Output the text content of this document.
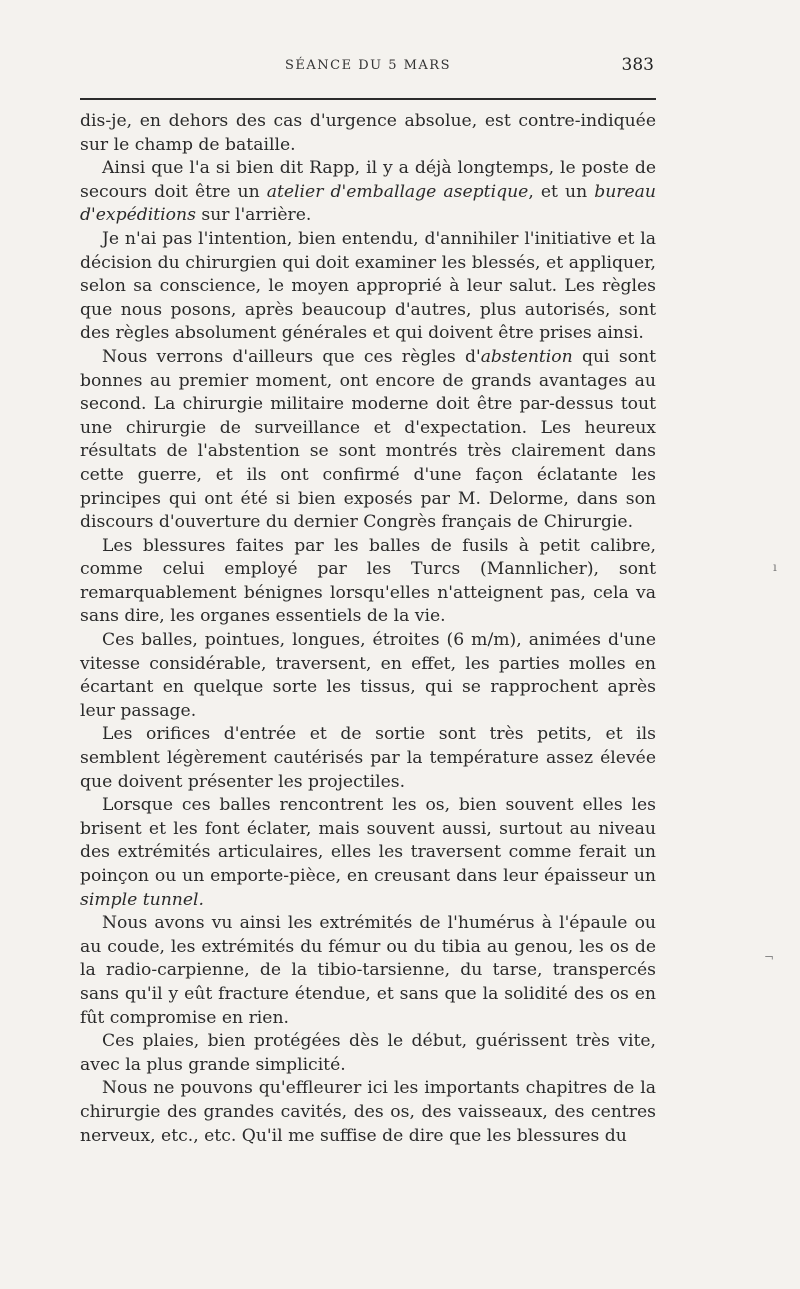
SÉANCE DU 5 MARS	383

dis-je, en dehors des cas d'urgence absolue, est contre-indiquée sur le champ de bataille.

Ainsi que l'a si bien dit Rapp, il y a déjà longtemps, le poste de secours doit être un atelier d'emballage aseptique, et un bureau d'expéditions sur l'arrière.

Je n'ai pas l'intention, bien entendu, d'annihiler l'initiative et la décision du chirurgien qui doit examiner les blessés, et appliquer, selon sa conscience, le moyen approprié à leur salut. Les règles que nous posons, après beaucoup d'autres, plus autorisés, sont des règles absolument générales et qui doivent être prises ainsi.

Nous verrons d'ailleurs que ces règles d'abstention qui sont bonnes au premier moment, ont encore de grands avantages au second. La chirurgie militaire moderne doit être par-dessus tout une chirurgie de surveillance et d'expectation. Les heureux résultats de l'abstention se sont montrés très clairement dans cette guerre, et ils ont confirmé d'une façon éclatante les principes qui ont été si bien exposés par M. Delorme, dans son discours d'ouverture du dernier Congrès français de Chirurgie.

Les blessures faites par les balles de fusils à petit calibre, comme celui employé par les Turcs (Mannlicher), sont remarquablement bénignes lorsqu'elles n'atteignent pas, cela va sans dire, les organes essentiels de la vie.

Ces balles, pointues, longues, étroites (6 m/m), animées d'une vitesse considérable, traversent, en effet, les parties molles en écartant en quelque sorte les tissus, qui se rapprochent après leur passage.

Les orifices d'entrée et de sortie sont très petits, et ils semblent légèrement cautérisés par la température assez élevée que doivent présenter les projectiles.

Lorsque ces balles rencontrent les os, bien souvent elles les brisent et les font éclater, mais souvent aussi, surtout au niveau des extrémités articulaires, elles les traversent comme ferait un poinçon ou un emporte-pièce, en creusant dans leur épaisseur un simple tunnel.

Nous avons vu ainsi les extrémités de l'humérus à l'épaule ou au coude, les extrémités du fémur ou du tibia au genou, les os de la radio-carpienne, de la tibio-tarsienne, du tarse, transpercés sans qu'il y eût fracture étendue, et sans que la solidité des os en fût compromise en rien.

Ces plaies, bien protégées dès le début, guérissent très vite, avec la plus grande simplicité.

Nous ne pouvons qu'effleurer ici les importants chapitres de la chirurgie des grandes cavités, des os, des vaisseaux, des centres nerveux, etc., etc. Qu'il me suffise de dire que les blessures du

ı
¬
